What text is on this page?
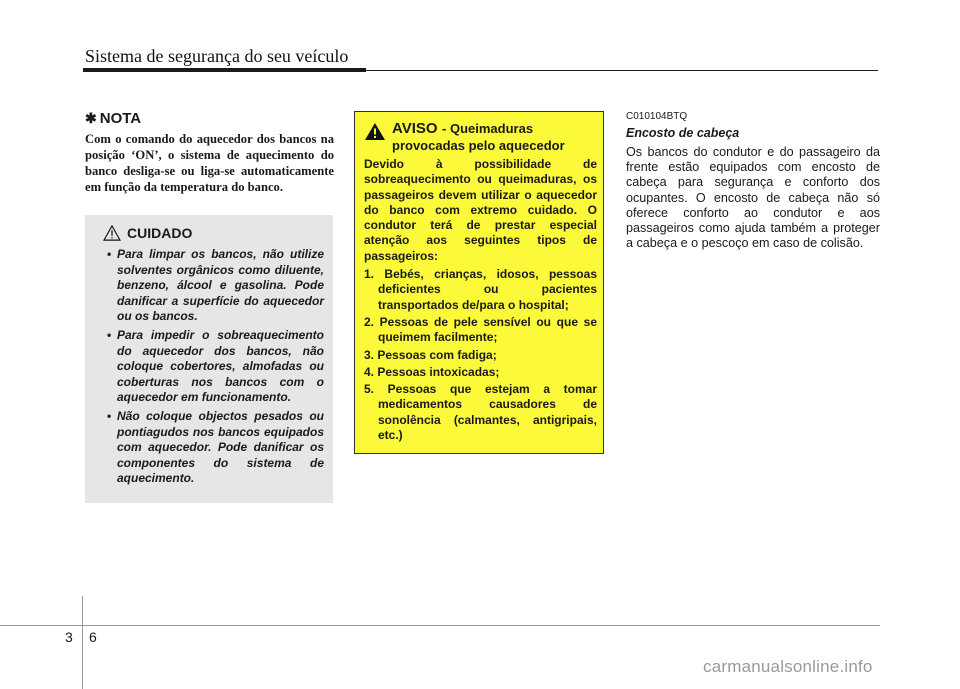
Sistema de segurança do seu veículo

✱ NOTA

Com o comando do aquecedor dos bancos na posição ‘ON’, o sistema de aquecimento do banco desliga-se ou liga-se automaticamente em função da temperatura do banco.

CUIDADO
• Para limpar os bancos, não utilize solventes orgânicos como diluente, benzeno, álcool e gasolina. Pode danificar a superfície do aquecedor ou os bancos.
• Para impedir o sobreaquecimento do aquecedor dos bancos, não coloque cobertores, almofadas ou coberturas nos bancos com o aquecedor em funcionamento.
• Não coloque objectos pesados ou pontiagudos nos bancos equipados com aquecedor. Pode danificar os componentes do sistema de aquecimento.
AVISO - Queimaduras
provocadas pelo aquecedor

Devido à possibilidade de sobreaquecimento ou queimaduras, os passageiros devem utilizar o aquecedor do banco com extremo cuidado. O condutor terá de prestar especial atenção aos seguintes tipos de passageiros:

1. Bebés, crianças, idosos, pessoas deficientes ou pacientes transportados de/para o hospital;
2. Pessoas de pele sensível ou que se queimem facilmente;
3. Pessoas com fadiga;
4. Pessoas intoxicadas;
5. Pessoas que estejam a tomar medicamentos causadores de sonolência (calmantes, antigripais, etc.)

C010104BTQ

Encosto de cabeça

Os bancos do condutor e do passageiro da frente estão equipados com encosto de cabeça para segurança e conforto dos ocupantes. O encosto de cabeça não só oferece conforto ao condutor e aos passageiros como ajuda também a proteger a cabeça e o pescoço em caso de colisão.

3 6
carmanualsonline.info
